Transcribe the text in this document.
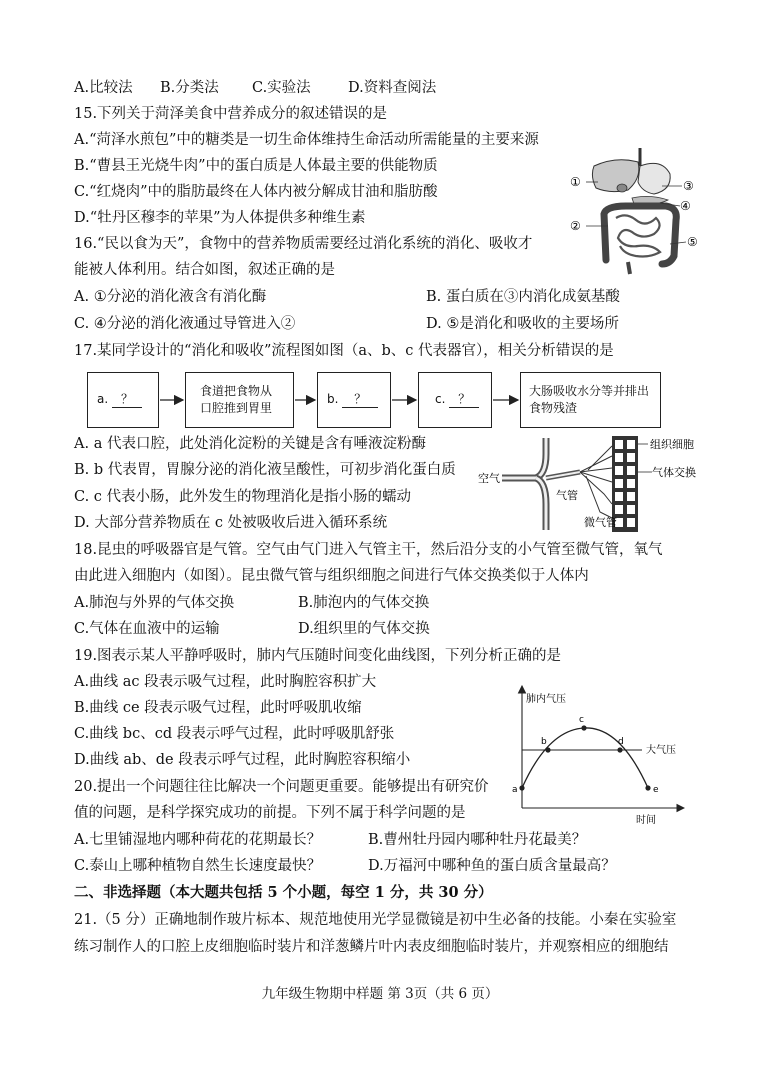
A.比较法 B.分类法 C.实验法	D.资料查阅法
15.下列关于菏泽美食中营养成分的叙述错误的是
A.“菏泽水煎包”中的糖类是一切生命体维持生命活动所需能量的主要来源
B.“曹县王光烧牛肉”中的蛋白质是人体最主要的供能物质
C.“红烧肉”中的脂肪最终在人体内被分解成甘油和脂肪酸
D.“牡丹区穆李的苹果”为人体提供多种维生素
①	③
④
②
⑤
16.“民以食为天”，食物中的营养物质需要经过消化系统的消化、吸收才
能被人体利用。结合如图，叙述正确的是
A. ①分泌的消化液含有消化酶	B. 蛋白质在③内消化成氨基酸
C. ④分泌的消化液通过导管进入②	D. ⑤是消化和吸收的主要场所
17.某同学设计的“消化和吸收”流程图如图（a、b、c 代表器官），相关分析错误的是
a. ？
食道把食物从
口腔推到胃里
b. ？	c. ？
大肠吸收水分等并排出
食物残渣
A. a 代表口腔，此处消化淀粉的关键是含有唾液淀粉酶
B. b 代表胃，胃腺分泌的消化液呈酸性，可初步消化蛋白质
C. c 代表小肠，此外发生的物理消化是指小肠的蠕动
D. 大部分营养物质在 c 处被吸收后进入循环系统
组织细胞
气体交换
空气
气管
微气管
18.昆虫的呼吸器官是气管。空气由气门进入气管主干，然后沿分支的小气管至微气管，氧气
由此进入细胞内（如图）。昆虫微气管与组织细胞之间进行气体交换类似于人体内
A.肺泡与外界的气体交换	B.肺泡内的气体交换
C.气体在血液中的运输	D.组织里的气体交换
19.图表示某人平静呼吸时，肺内气压随时间变化曲线图，下列分析正确的是
A.曲线 ac 段表示吸气过程，此时胸腔容积扩大
B.曲线 ce 段表示吸气过程，此时呼吸肌收缩
C.曲线 bc、cd 段表示呼气过程，此时呼吸肌舒张
D.曲线 ab、de 段表示呼气过程，此时胸腔容积缩小
肺内气压
时间
大气压
a
b
c
d
e
20.提出一个问题往往比解决一个问题更重要。能够提出有研究价
值的问题，是科学探究成功的前提。下列不属于科学问题的是
A.七里铺湿地内哪种荷花的花期最长？	B.曹州牡丹园内哪种牡丹花最美？
C.泰山上哪种植物自然生长速度最快？	D.万福河中哪种鱼的蛋白质含量最高？
二、非选择题（本大题共包括 5 个小题，每空 1 分，共 30 分）
21.（5 分）正确地制作玻片标本、规范地使用光学显微镜是初中生必备的技能。小秦在实验室
练习制作人的口腔上皮细胞临时装片和洋葱鳞片叶内表皮细胞临时装片，并观察相应的细胞结
九年级生物期中样题 第 3页（共 6 页）
